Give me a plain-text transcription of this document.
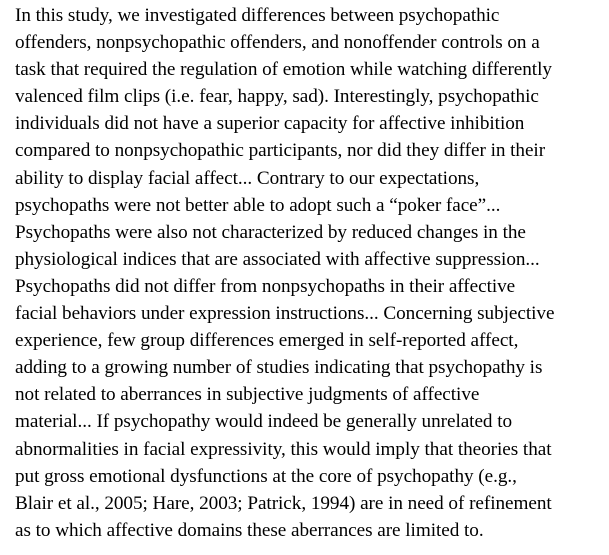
In this study, we investigated differences between psychopathic
offenders, nonpsychopathic offenders, and nonoffender controls on a
task that required the regulation of emotion while watching differently
valenced film clips (i.e. fear, happy, sad). Interestingly, psychopathic
individuals did not have a superior capacity for affective inhibition
compared to nonpsychopathic participants, nor did they differ in their
ability to display facial affect... Contrary to our expectations,
psychopaths were not better able to adopt such a “poker face”...
Psychopaths were also not characterized by reduced changes in the
physiological indices that are associated with affective suppression...
Psychopaths did not differ from nonpsychopaths in their affective
facial behaviors under expression instructions... Concerning subjective
experience, few group differences emerged in self-reported affect,
adding to a growing number of studies indicating that psychopathy is
not related to aberrances in subjective judgments of affective
material... If psychopathy would indeed be generally unrelated to
abnormalities in facial expressivity, this would imply that theories that
put gross emotional dysfunctions at the core of psychopathy (e.g.,
Blair et al., 2005; Hare, 2003; Patrick, 1994) are in need of refinement
as to which affective domains these aberrances are limited to.
